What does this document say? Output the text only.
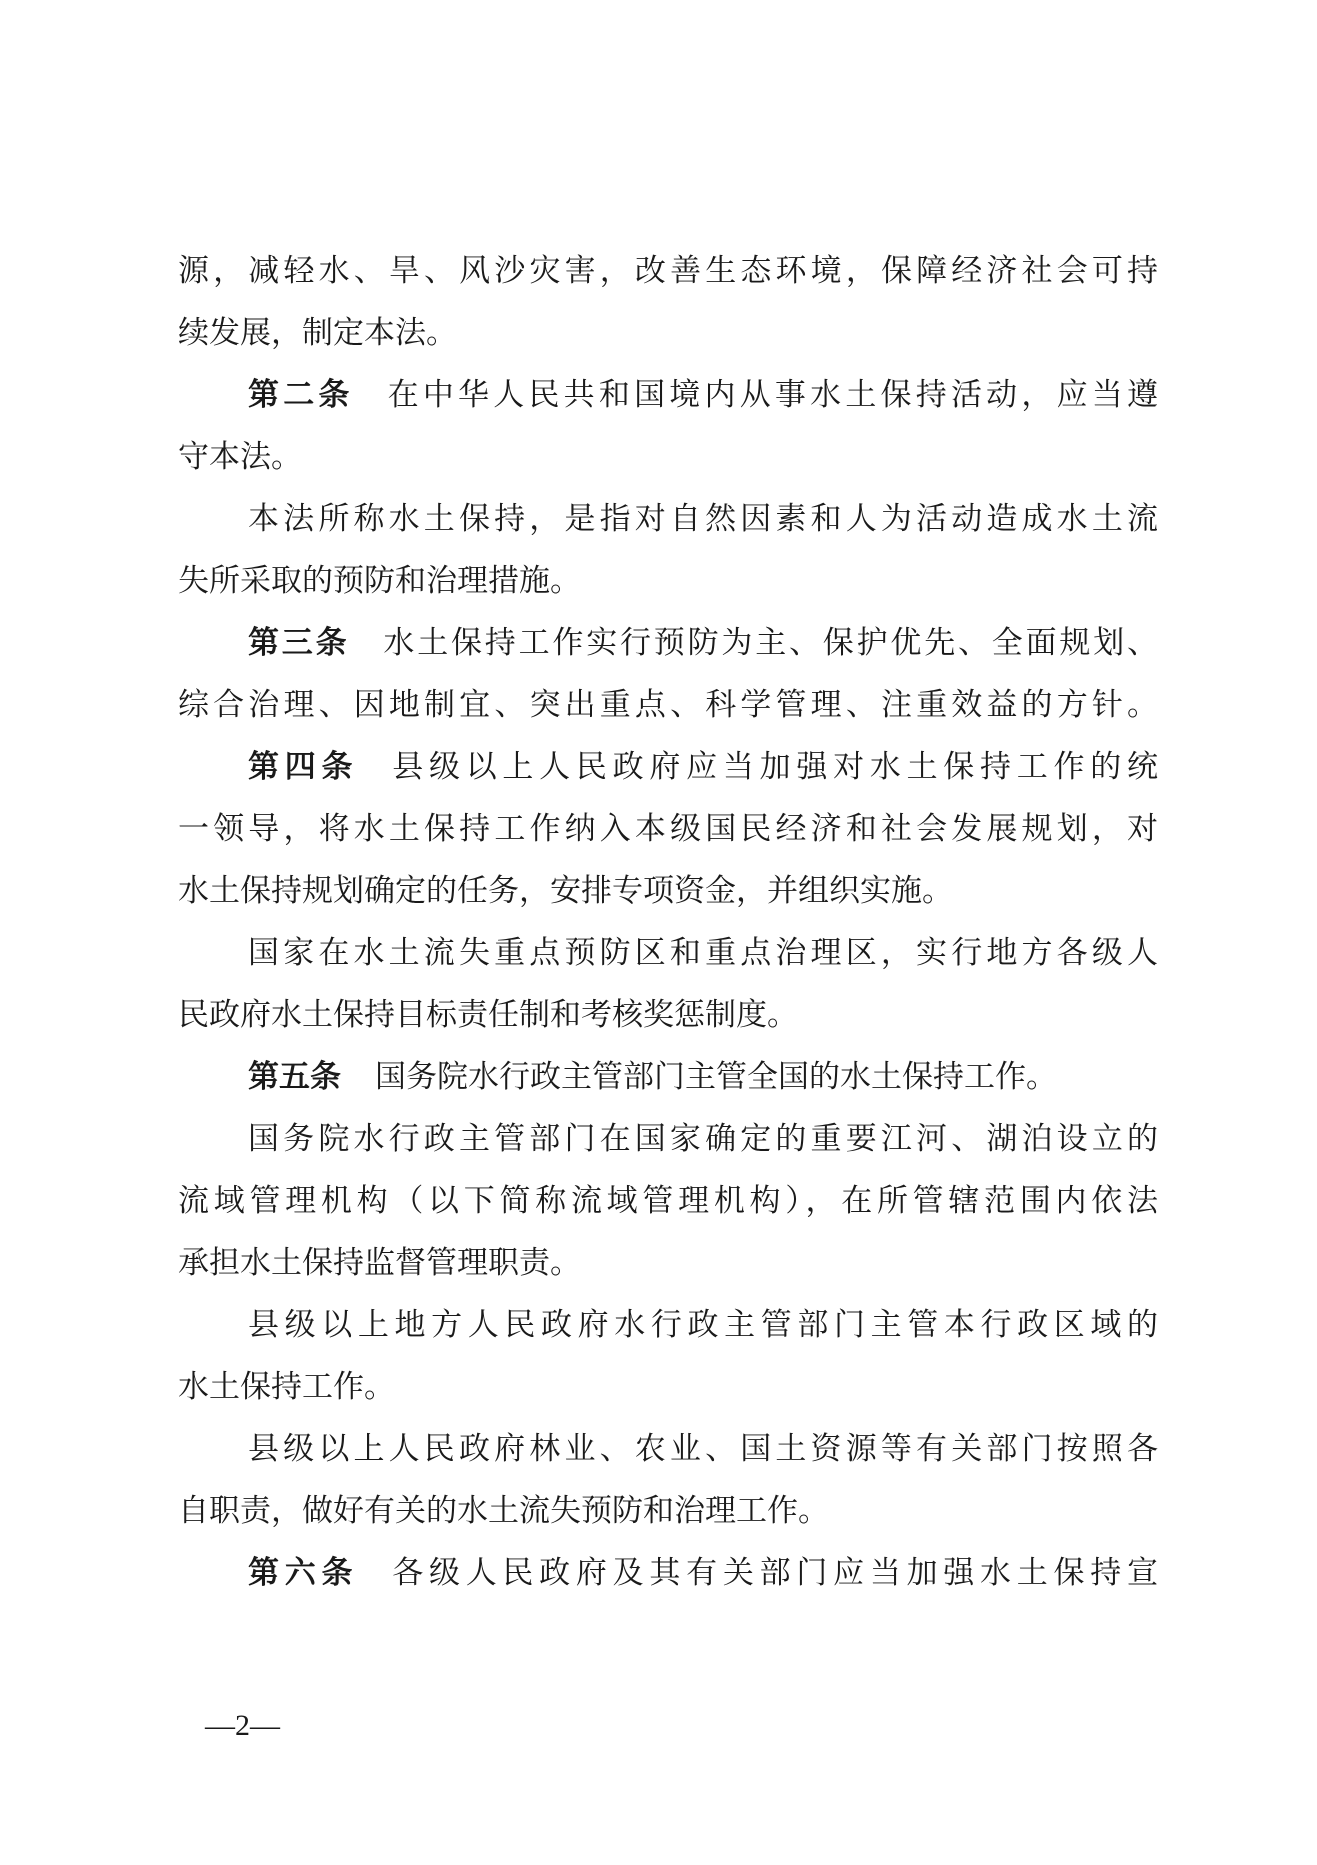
源，减轻水、旱、风沙灾害，改善生态环境，保障经济社会可持
续发展，制定本法。
第二条 在中华人民共和国境内从事水土保持活动，应当遵
守本法。
本法所称水土保持，是指对自然因素和人为活动造成水土流
失所采取的预防和治理措施。
第三条 水土保持工作实行预防为主、保护优先、全面规划、
综合治理、因地制宜、突出重点、科学管理、注重效益的方针。
第四条 县级以上人民政府应当加强对水土保持工作的统
一领导，将水土保持工作纳入本级国民经济和社会发展规划，对
水土保持规划确定的任务，安排专项资金，并组织实施。
国家在水土流失重点预防区和重点治理区，实行地方各级人
民政府水土保持目标责任制和考核奖惩制度。
第五条 国务院水行政主管部门主管全国的水土保持工作。
国务院水行政主管部门在国家确定的重要江河、湖泊设立的
流域管理机构（以下简称流域管理机构），在所管辖范围内依法
承担水土保持监督管理职责。
县级以上地方人民政府水行政主管部门主管本行政区域的
水土保持工作。
县级以上人民政府林业、农业、国土资源等有关部门按照各
自职责，做好有关的水土流失预防和治理工作。
第六条 各级人民政府及其有关部门应当加强水土保持宣
—2—
